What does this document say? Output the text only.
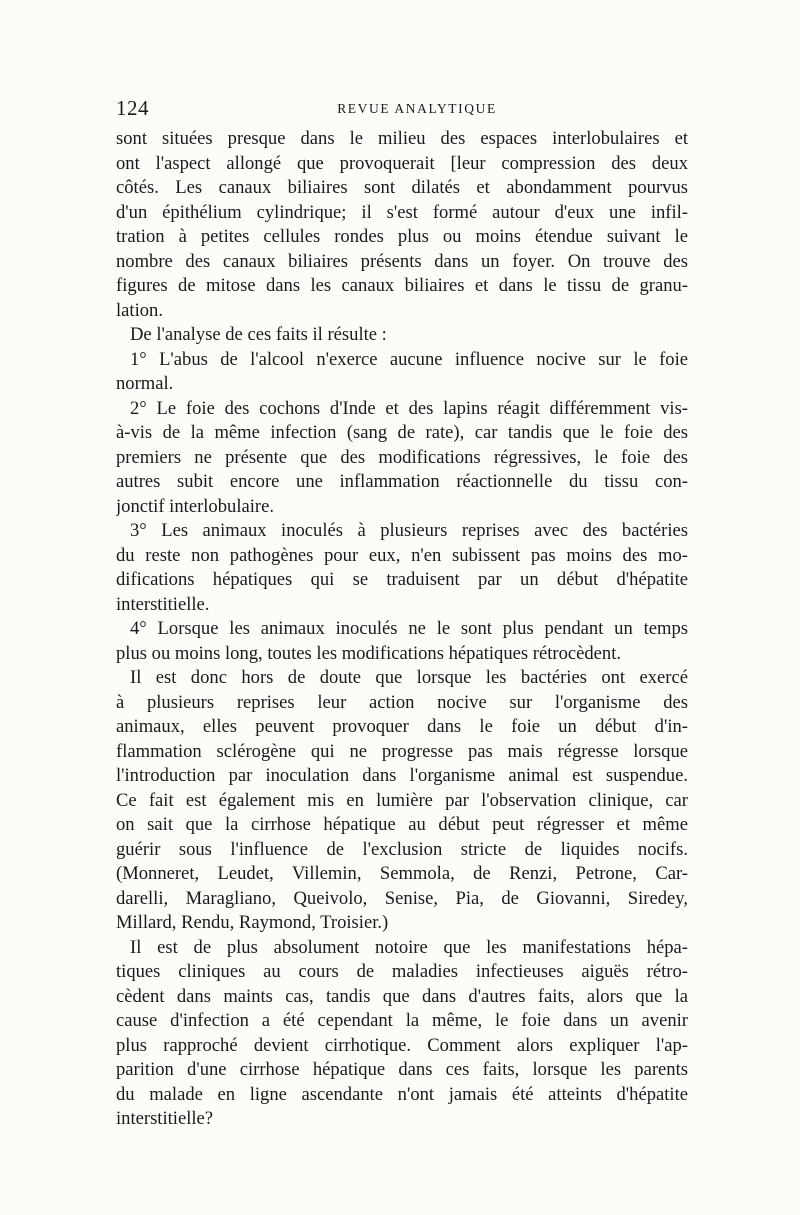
124	REVUE ANALYTIQUE
sont situées presque dans le milieu des espaces interlobulaires et
ont l'aspect allongé que provoquerait [leur compression des deux
côtés. Les canaux biliaires sont dilatés et abondamment pourvus
d'un épithélium cylindrique; il s'est formé autour d'eux une infil-
tration à petites cellules rondes plus ou moins étendue suivant le
nombre des canaux biliaires présents dans un foyer. On trouve des
figures de mitose dans les canaux biliaires et dans le tissu de granu-
lation.
De l'analyse de ces faits il résulte :
1° L'abus de l'alcool n'exerce aucune influence nocive sur le foie
normal.
2° Le foie des cochons d'Inde et des lapins réagit différemment vis-
à-vis de la même infection (sang de rate), car tandis que le foie des
premiers ne présente que des modifications régressives, le foie des
autres subit encore une inflammation réactionnelle du tissu con-
jonctif interlobulaire.
3° Les animaux inoculés à plusieurs reprises avec des bactéries
du reste non pathogènes pour eux, n'en subissent pas moins des mo-
difications hépatiques qui se traduisent par un début d'hépatite
interstitielle.
4° Lorsque les animaux inoculés ne le sont plus pendant un temps
plus ou moins long, toutes les modifications hépatiques rétrocèdent.
Il est donc hors de doute que lorsque les bactéries ont exercé
à plusieurs reprises leur action nocive sur l'organisme des
animaux, elles peuvent provoquer dans le foie un début d'in-
flammation sclérogène qui ne progresse pas mais régresse lorsque
l'introduction par inoculation dans l'organisme animal est suspendue.
Ce fait est également mis en lumière par l'observation clinique, car
on sait que la cirrhose hépatique au début peut régresser et même
guérir sous l'influence de l'exclusion stricte de liquides nocifs.
(Monneret, Leudet, Villemin, Semmola, de Renzi, Petrone, Car-
darelli, Maragliano, Queivolo, Senise, Pia, de Giovanni, Siredey,
Millard, Rendu, Raymond, Troisier.)
Il est de plus absolument notoire que les manifestations hépa-
tiques cliniques au cours de maladies infectieuses aiguës rétro-
cèdent dans maints cas, tandis que dans d'autres faits, alors que la
cause d'infection a été cependant la même, le foie dans un avenir
plus rapproché devient cirrhotique. Comment alors expliquer l'ap-
parition d'une cirrhose hépatique dans ces faits, lorsque les parents
du malade en ligne ascendante n'ont jamais été atteints d'hépatite
interstitielle?
